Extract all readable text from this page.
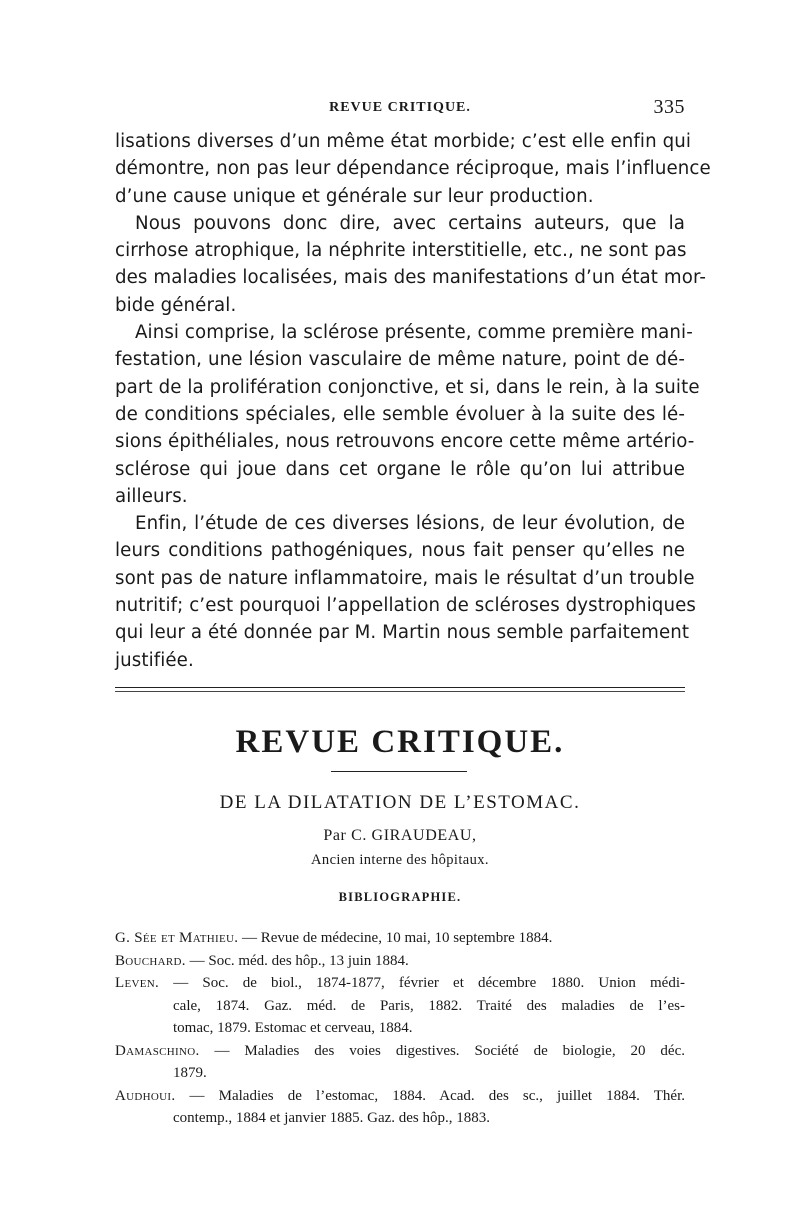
REVUE CRITIQUE.	335
lisations diverses d’un même état morbide; c’est elle enfin qui
démontre, non pas leur dépendance réciproque, mais l’influence
d’une cause unique et générale sur leur production.
Nous pouvons donc dire, avec certains auteurs, que la
cirrhose atrophique, la néphrite interstitielle, etc., ne sont pas
des maladies localisées, mais des manifestations d’un état mor-
bide général.
Ainsi comprise, la sclérose présente, comme première mani-
festation, une lésion vasculaire de même nature, point de dé-
part de la prolifération conjonctive, et si, dans le rein, à la suite
de conditions spéciales, elle semble évoluer à la suite des lé-
sions épithéliales, nous retrouvons encore cette même artério-
sclérose qui joue dans cet organe le rôle qu’on lui attribue
ailleurs.
Enfin, l’étude de ces diverses lésions, de leur évolution, de
leurs conditions pathogéniques, nous fait penser qu’elles ne
sont pas de nature inflammatoire, mais le résultat d’un trouble
nutritif; c’est pourquoi l’appellation de scléroses dystrophiques
qui leur a été donnée par M. Martin nous semble parfaitement
justifiée.
REVUE CRITIQUE.
DE LA DILATATION DE L’ESTOMAC.
Par C. GIRAUDEAU,
Ancien interne des hôpitaux.
BIBLIOGRAPHIE.
G. Sée et Mathieu. — Revue de médecine, 10 mai, 10 septembre 1884.
Bouchard. — Soc. méd. des hôp., 13 juin 1884.
Leven. — Soc. de biol., 1874-1877, février et décembre 1880. Union médi-
cale, 1874. Gaz. méd. de Paris, 1882. Traité des maladies de l’es-
tomac, 1879. Estomac et cerveau, 1884.
Damaschino. — Maladies des voies digestives. Société de biologie, 20 déc.
1879.
Audhoui. — Maladies de l’estomac, 1884. Acad. des sc., juillet 1884. Thér.
contemp., 1884 et janvier 1885. Gaz. des hôp., 1883.
